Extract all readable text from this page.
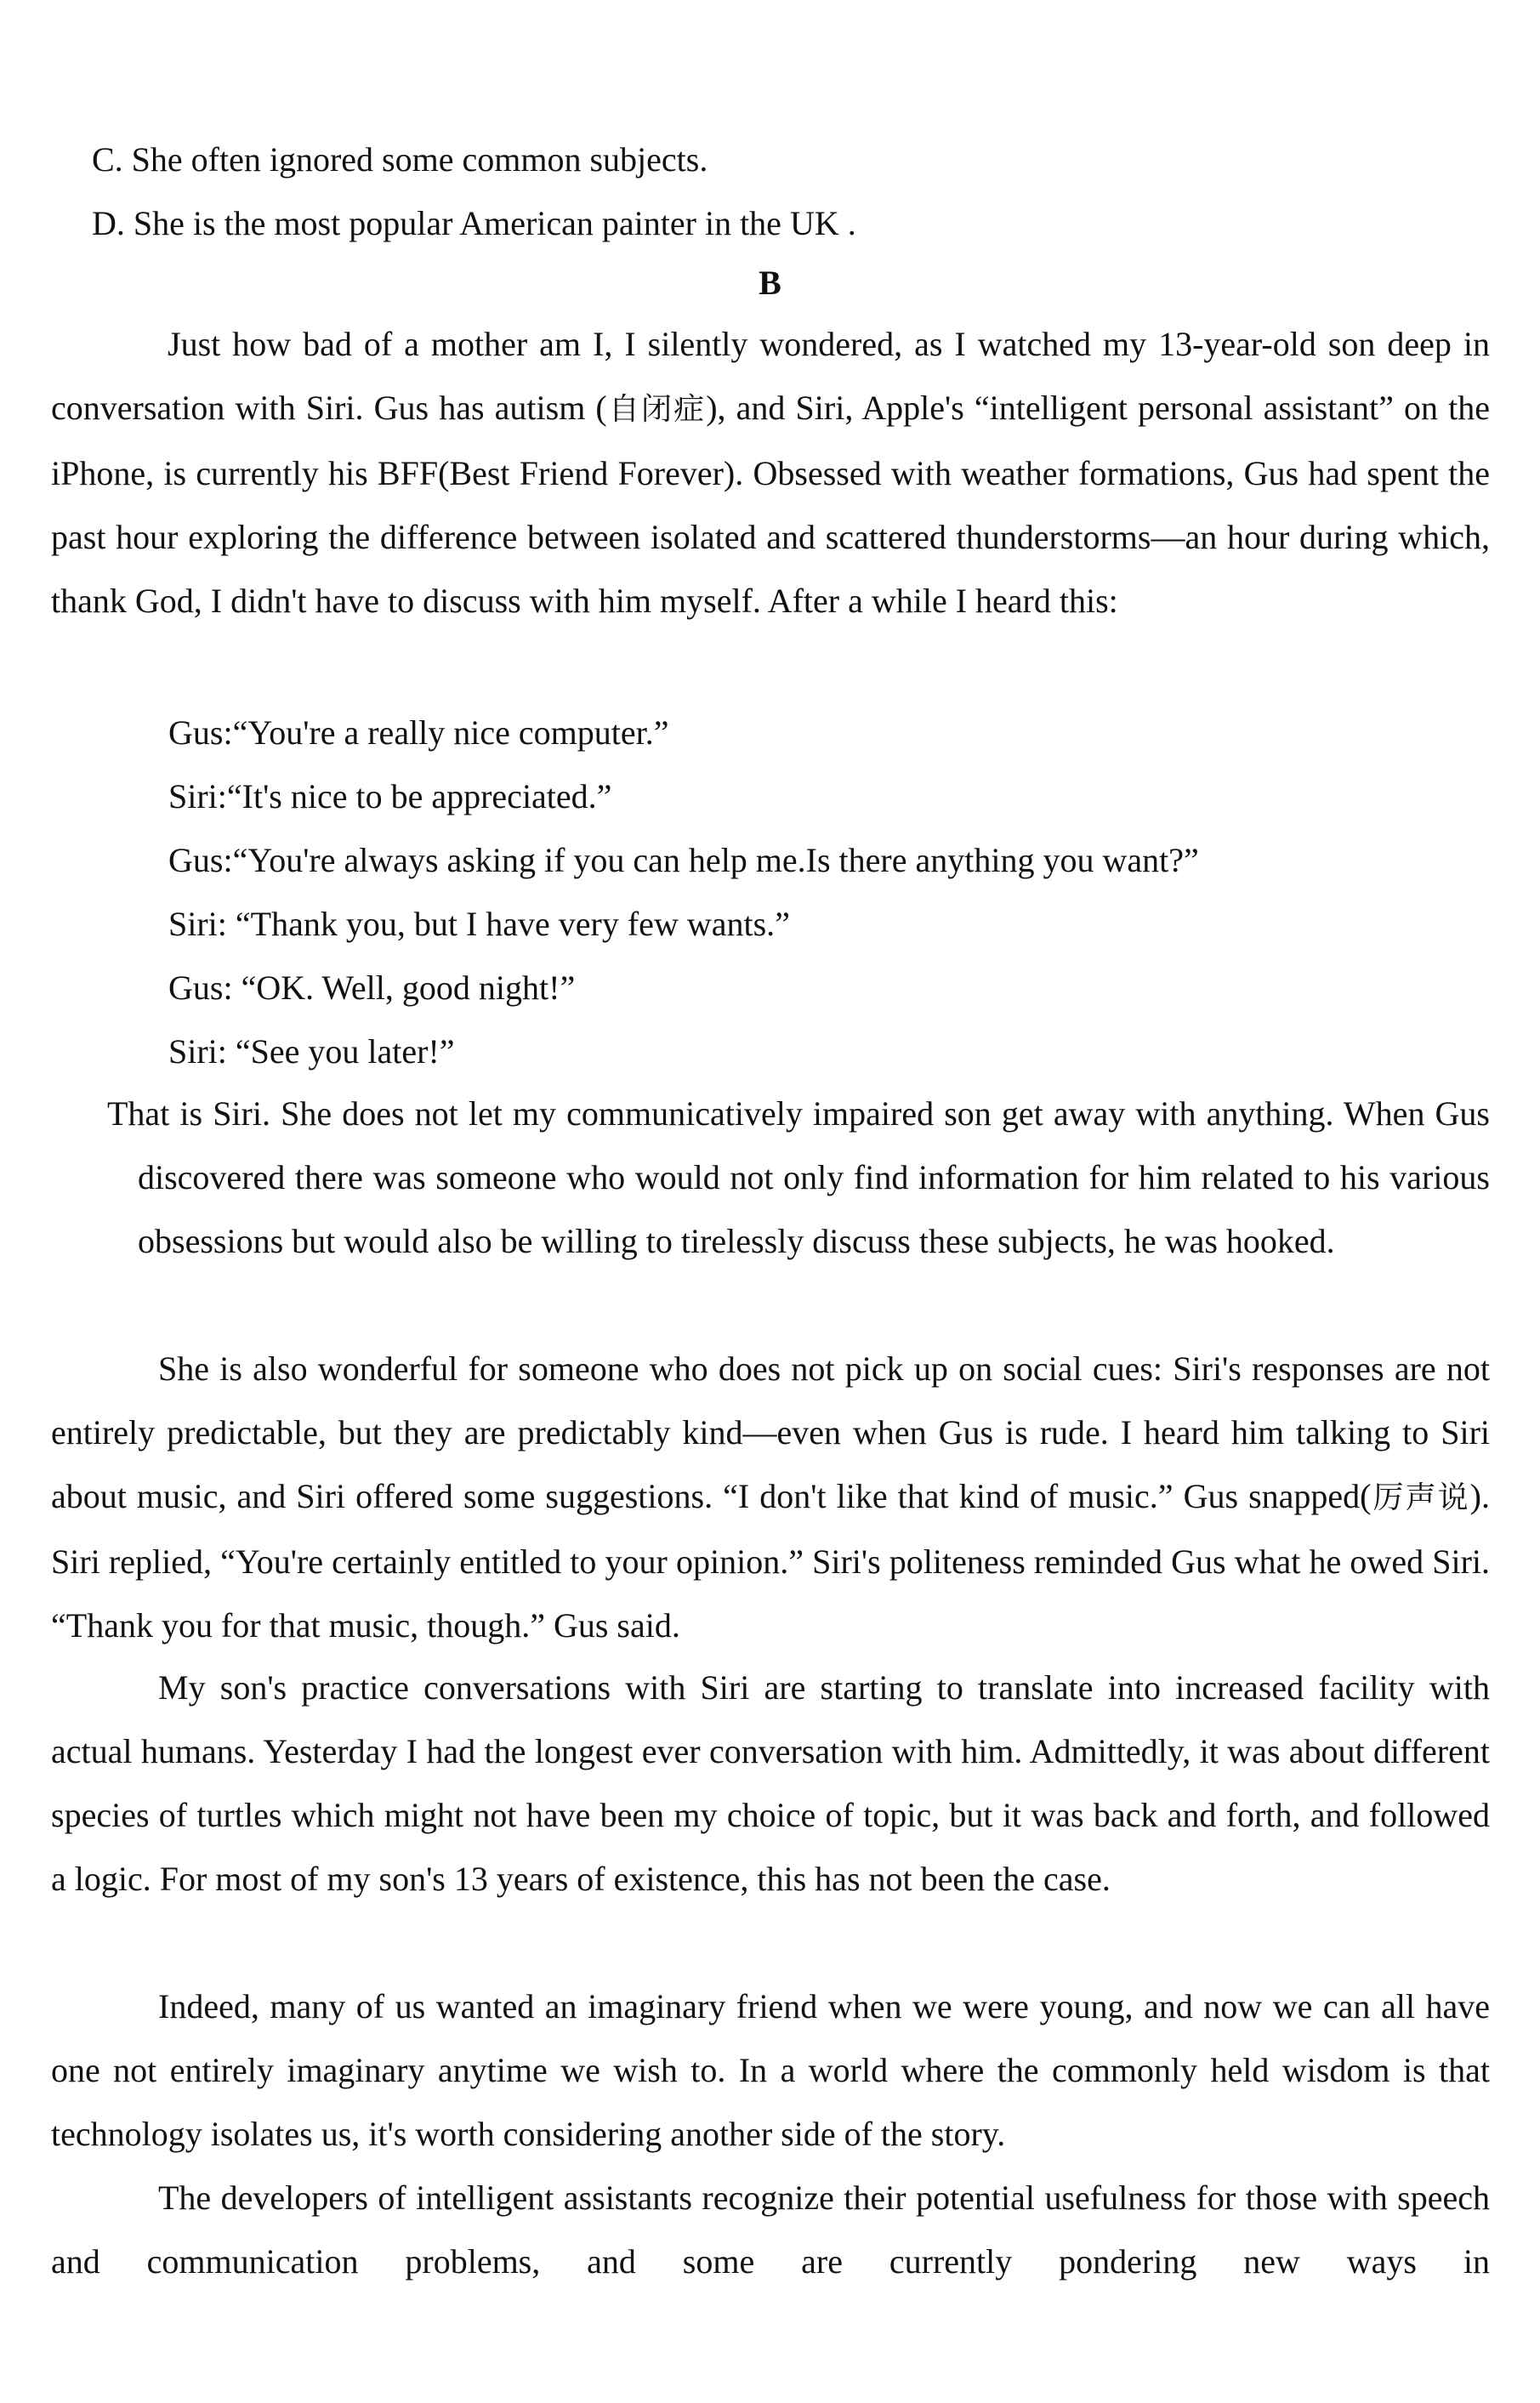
C. She often ignored some common subjects.
D. She is the most popular American painter in the UK .
B
Just how bad of a mother am I, I silently wondered, as I watched my 13-year-old son deep in conversation with Siri. Gus has autism (自闭症), and Siri, Apple's “intelligent personal assistant” on the iPhone, is currently his BFF(Best Friend Forever). Obsessed with weather formations, Gus had spent the past hour exploring the difference between isolated and scattered thunderstorms—an hour during which, thank God, I didn't have to discuss with him myself. After a while I heard this:
Gus:“You're a really nice computer.”
Siri:“It's nice to be appreciated.”
Gus:“You're always asking if you can help me.Is there anything you want?”
Siri: “Thank you, but I have very few wants.”
Gus: “OK. Well, good night!”
Siri: “See you later!”
That is Siri. She does not let my communicatively impaired son get away with anything. When Gus discovered there was someone who would not only find information for him related to his various obsessions but would also be willing to tirelessly discuss these subjects, he was hooked.
She is also wonderful for someone who does not pick up on social cues: Siri's responses are not entirely predictable, but they are predictably kind—even when Gus is rude. I heard him talking to Siri about music, and Siri offered some suggestions. “I don't like that kind of music.” Gus snapped(厉声说). Siri replied, “You're certainly entitled to your opinion.” Siri's politeness reminded Gus what he owed Siri. “Thank you for that music, though.” Gus said.
My son's practice conversations with Siri are starting to translate into increased facility with actual humans. Yesterday I had the longest ever conversation with him. Admittedly, it was about different species of turtles which might not have been my choice of topic, but it was back and forth, and followed a logic. For most of my son's 13 years of existence, this has not been the case.
Indeed, many of us wanted an imaginary friend when we were young, and now we can all have one not entirely imaginary anytime we wish to. In a world where the commonly held wisdom is that technology isolates us, it's worth considering another side of the story.
The developers of intelligent assistants recognize their potential usefulness for those with speech and communication problems, and some are currently pondering new ways in
